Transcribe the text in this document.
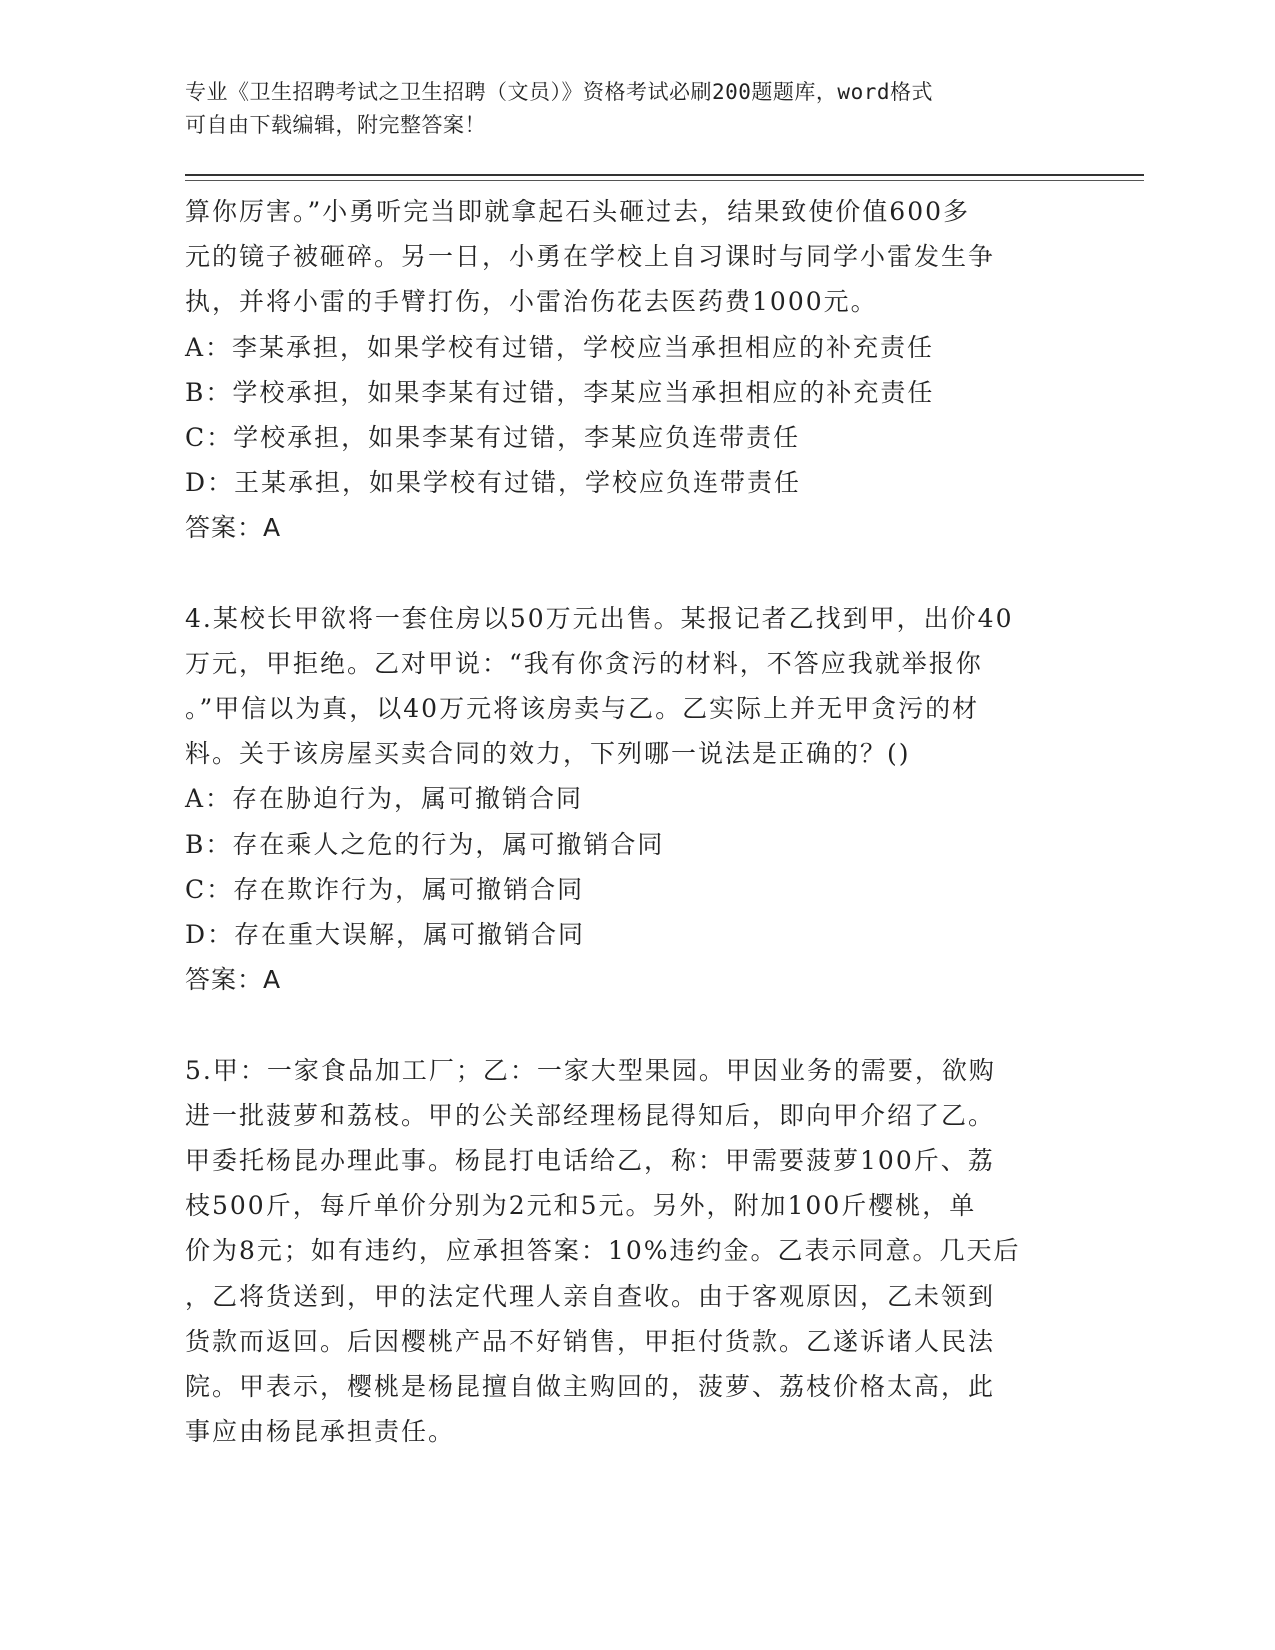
专业《卫生招聘考试之卫生招聘（文员）》资格考试必刷200题题库，word格式
可自由下载编辑，附完整答案！
算你厉害。”小勇听完当即就拿起石头砸过去，结果致使价值600多
元的镜子被砸碎。另一日，小勇在学校上自习课时与同学小雷发生争
执，并将小雷的手臂打伤，小雷治伤花去医药费1000元。
A：李某承担，如果学校有过错，学校应当承担相应的补充责任
B：学校承担，如果李某有过错，李某应当承担相应的补充责任
C：学校承担，如果李某有过错，李某应负连带责任
D：王某承担，如果学校有过错，学校应负连带责任
答案：A
4.某校长甲欲将一套住房以50万元出售。某报记者乙找到甲，出价40
万元，甲拒绝。乙对甲说：“我有你贪污的材料，不答应我就举报你
。”甲信以为真，以40万元将该房卖与乙。乙实际上并无甲贪污的材
料。关于该房屋买卖合同的效力，下列哪一说法是正确的？()
A：存在胁迫行为，属可撤销合同
B：存在乘人之危的行为，属可撤销合同
C：存在欺诈行为，属可撤销合同
D：存在重大误解，属可撤销合同
答案：A
5.甲：一家食品加工厂；乙：一家大型果园。甲因业务的需要，欲购
进一批菠萝和荔枝。甲的公关部经理杨昆得知后，即向甲介绍了乙。
甲委托杨昆办理此事。杨昆打电话给乙，称：甲需要菠萝100斤、荔
枝500斤，每斤单价分别为2元和5元。另外，附加100斤樱桃，单
价为8元；如有违约，应承担答案：10%违约金。乙表示同意。几天后
，乙将货送到，甲的法定代理人亲自查收。由于客观原因，乙未领到
货款而返回。后因樱桃产品不好销售，甲拒付货款。乙遂诉诸人民法
院。甲表示，樱桃是杨昆擅自做主购回的，菠萝、荔枝价格太高，此
事应由杨昆承担责任。
